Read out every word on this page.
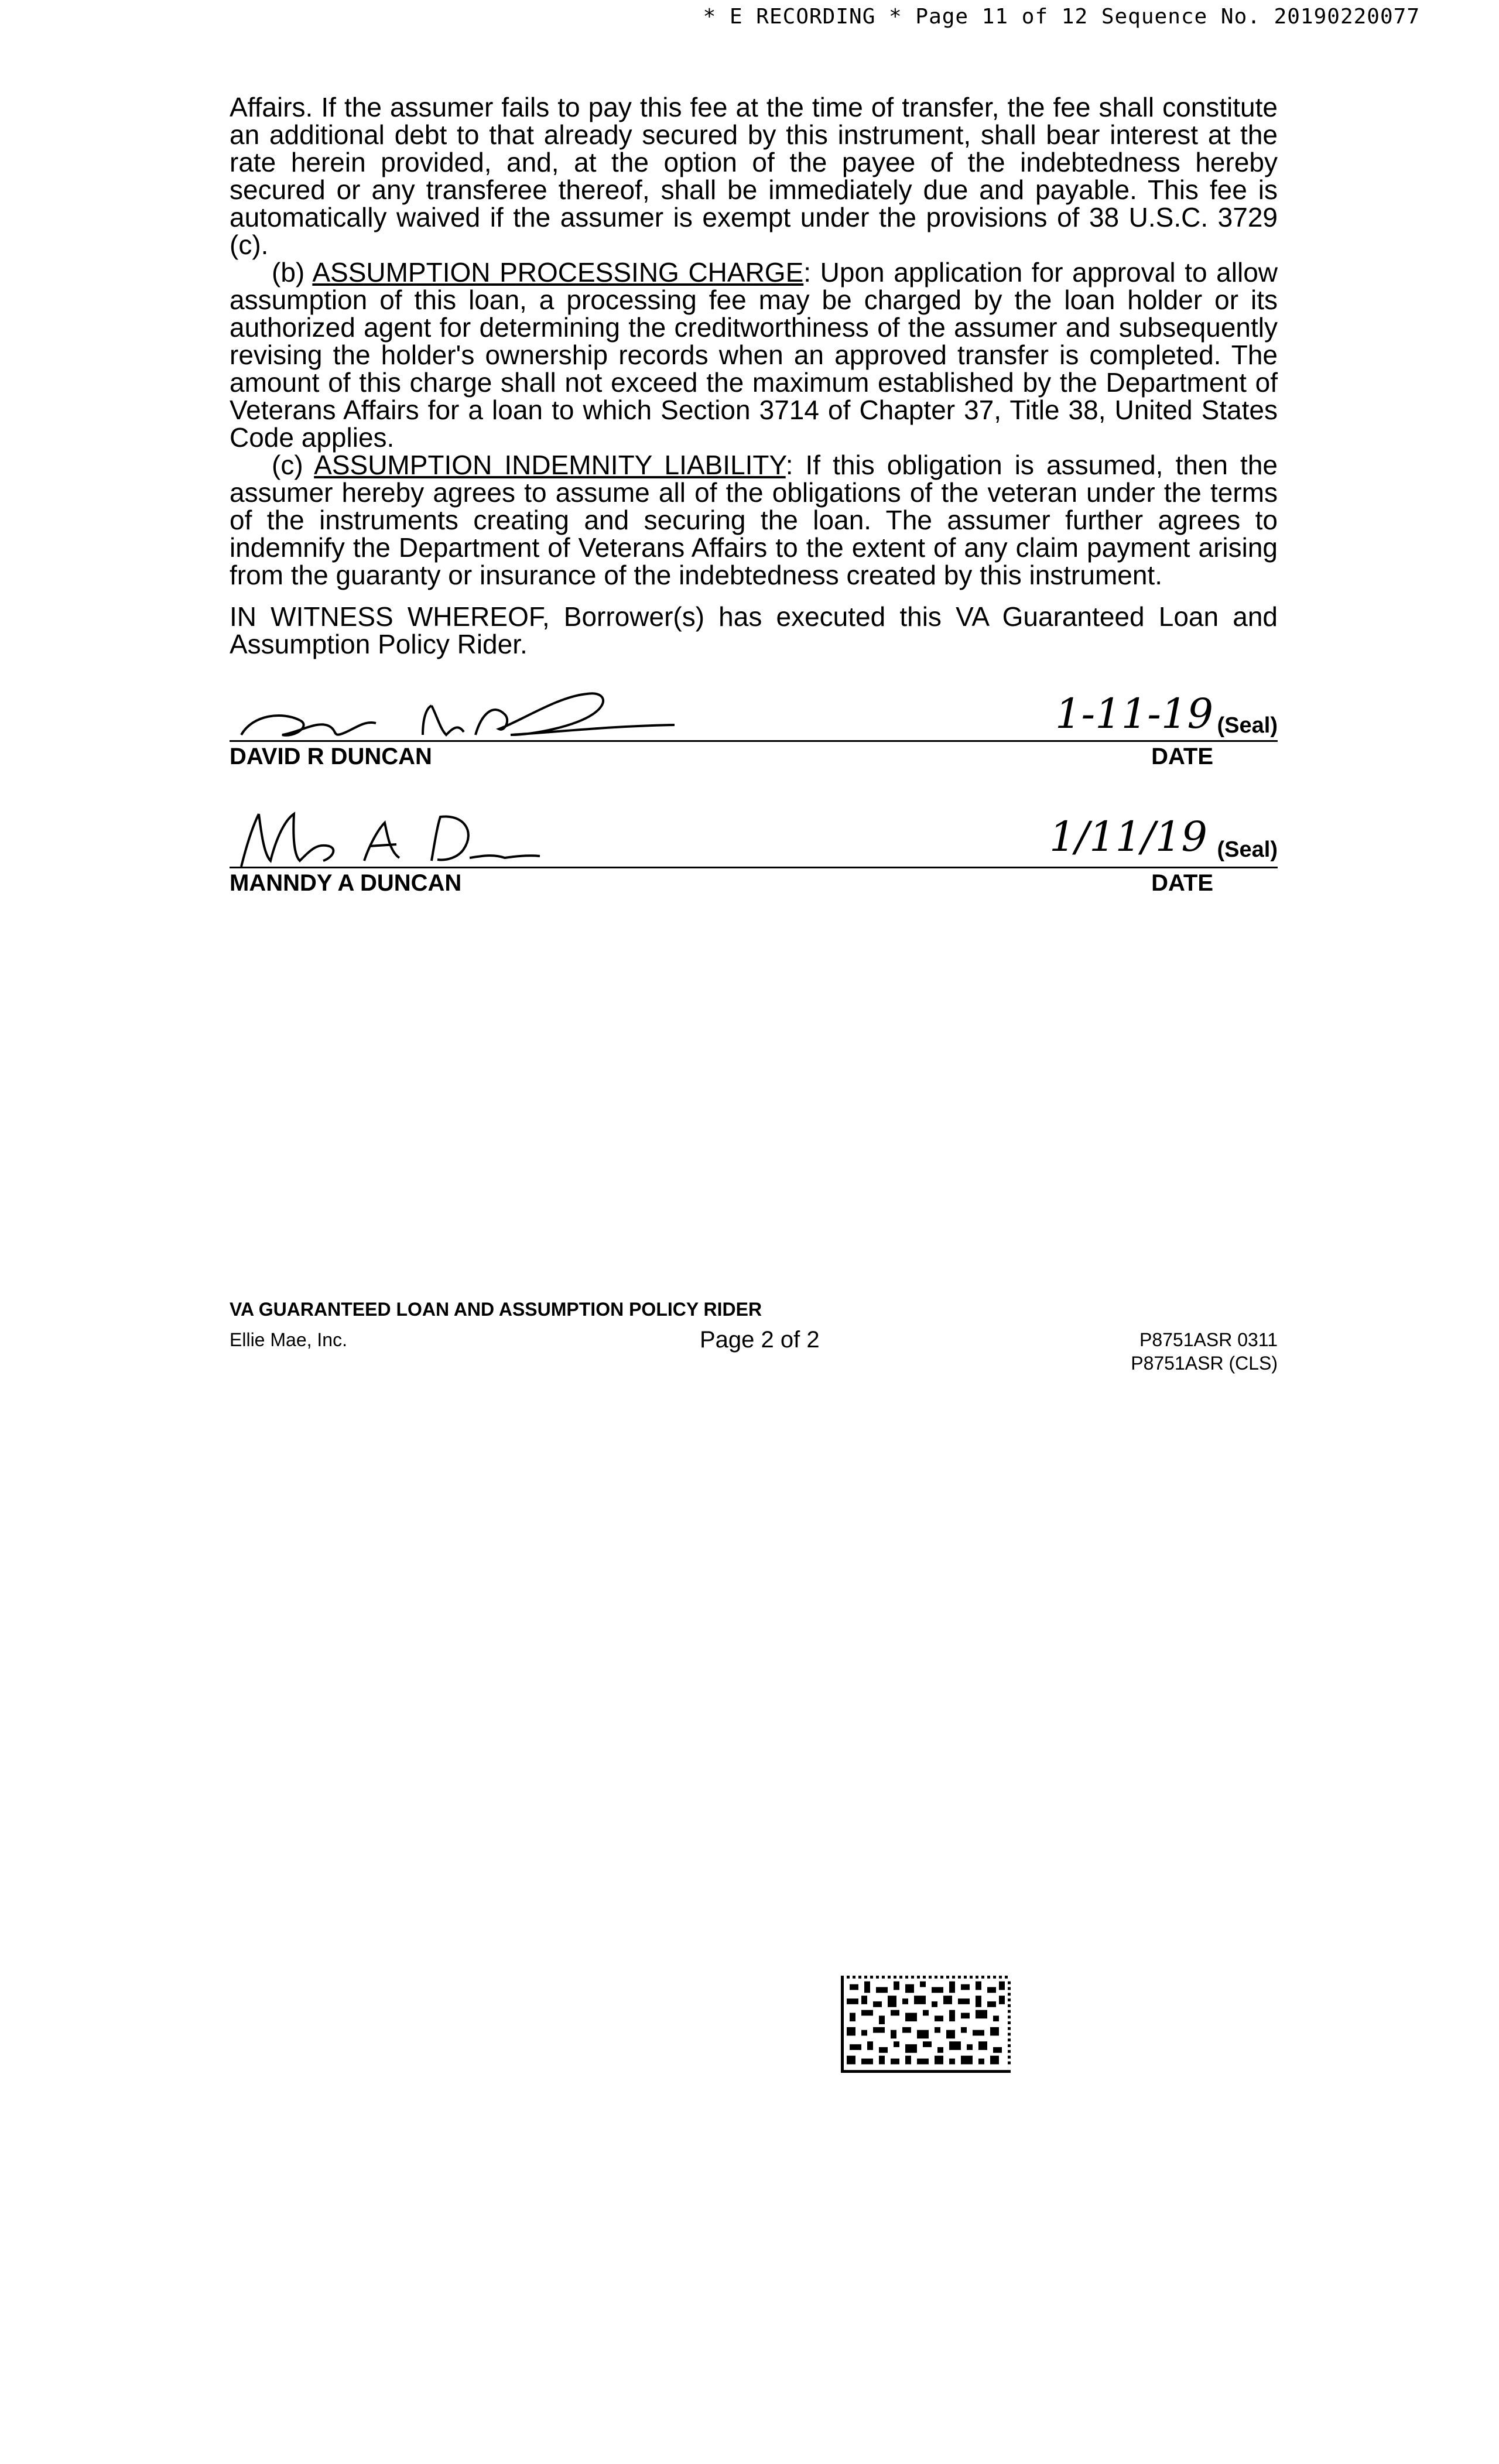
* E RECORDING * Page 11 of 12 Sequence No. 20190220077

Affairs. If the assumer fails to pay this fee at the time of transfer, the fee shall constitute an additional debt to that already secured by this instrument, shall bear interest at the rate herein provided, and, at the option of the payee of the indebtedness hereby secured or any transferee thereof, shall be immediately due and payable. This fee is automatically waived if the assumer is exempt under the provisions of 38 U.S.C. 3729 (c).

(b) ASSUMPTION PROCESSING CHARGE: Upon application for approval to allow assumption of this loan, a processing fee may be charged by the loan holder or its authorized agent for determining the creditworthiness of the assumer and subsequently revising the holder's ownership records when an approved transfer is completed. The amount of this charge shall not exceed the maximum established by the Department of Veterans Affairs for a loan to which Section 3714 of Chapter 37, Title 38, United States Code applies.

(c) ASSUMPTION INDEMNITY LIABILITY: If this obligation is assumed, then the assumer hereby agrees to assume all of the obligations of the veteran under the terms of the instruments creating and securing the loan. The assumer further agrees to indemnify the Department of Veterans Affairs to the extent of any claim payment arising from the guaranty or insurance of the indebtedness created by this instrument.

IN WITNESS WHEREOF, Borrower(s) has executed this VA Guaranteed Loan and Assumption Policy Rider.

1-11-19 (Seal)
DAVID R DUNCAN	DATE
1/11/19 (Seal)
MANNDY A DUNCAN	DATE
VA GUARANTEED LOAN AND ASSUMPTION POLICY RIDER
Ellie Mae, Inc.	Page 2 of 2	P8751ASR 0311
P8751ASR (CLS)
